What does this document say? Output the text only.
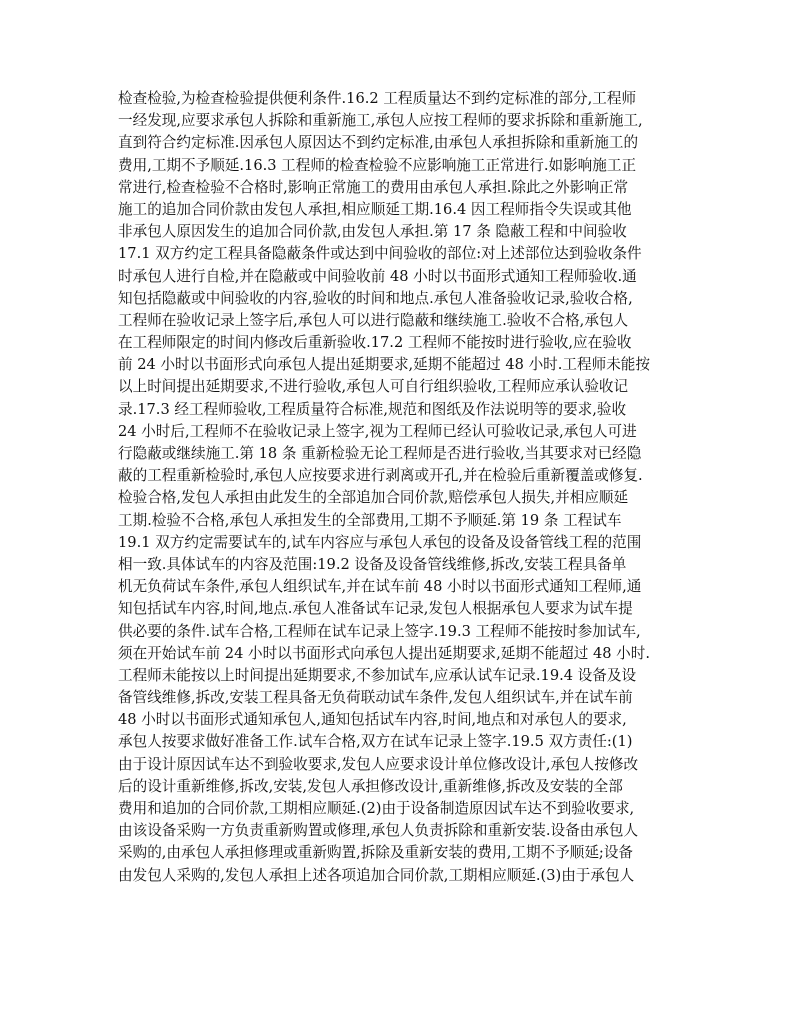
检查检验,为检查检验提供便利条件.16.2 工程质量达不到约定标准的部分,工程师
一经发现,应要求承包人拆除和重新施工,承包人应按工程师的要求拆除和重新施工,
直到符合约定标准.因承包人原因达不到约定标准,由承包人承担拆除和重新施工的
费用,工期不予顺延.16.3 工程师的检查检验不应影响施工正常进行.如影响施工正
常进行,检查检验不合格时,影响正常施工的费用由承包人承担.除此之外影响正常
施工的追加合同价款由发包人承担,相应顺延工期.16.4 因工程师指令失误或其他
非承包人原因发生的追加合同价款,由发包人承担.第 17 条 隐蔽工程和中间验收
17.1 双方约定工程具备隐蔽条件或达到中间验收的部位:对上述部位达到验收条件
时承包人进行自检,并在隐蔽或中间验收前 48 小时以书面形式通知工程师验收.通
知包括隐蔽或中间验收的内容,验收的时间和地点.承包人准备验收记录,验收合格,
工程师在验收记录上签字后,承包人可以进行隐蔽和继续施工.验收不合格,承包人
在工程师限定的时间内修改后重新验收.17.2 工程师不能按时进行验收,应在验收
前 24 小时以书面形式向承包人提出延期要求,延期不能超过 48 小时.工程师未能按
以上时间提出延期要求,不进行验收,承包人可自行组织验收,工程师应承认验收记
录.17.3 经工程师验收,工程质量符合标准,规范和图纸及作法说明等的要求,验收
24 小时后,工程师不在验收记录上签字,视为工程师已经认可验收记录,承包人可进
行隐蔽或继续施工.第 18 条 重新检验无论工程师是否进行验收,当其要求对已经隐
蔽的工程重新检验时,承包人应按要求进行剥离或开孔,并在检验后重新覆盖或修复.
检验合格,发包人承担由此发生的全部追加合同价款,赔偿承包人损失,并相应顺延
工期.检验不合格,承包人承担发生的全部费用,工期不予顺延.第 19 条 工程试车
19.1 双方约定需要试车的,试车内容应与承包人承包的设备及设备管线工程的范围
相一致.具体试车的内容及范围:19.2 设备及设备管线维修,拆改,安装工程具备单
机无负荷试车条件,承包人组织试车,并在试车前 48 小时以书面形式通知工程师,通
知包括试车内容,时间,地点.承包人准备试车记录,发包人根据承包人要求为试车提
供必要的条件.试车合格,工程师在试车记录上签字.19.3 工程师不能按时参加试车,
须在开始试车前 24 小时以书面形式向承包人提出延期要求,延期不能超过 48 小时.
工程师未能按以上时间提出延期要求,不参加试车,应承认试车记录.19.4 设备及设
备管线维修,拆改,安装工程具备无负荷联动试车条件,发包人组织试车,并在试车前
48 小时以书面形式通知承包人,通知包括试车内容,时间,地点和对承包人的要求,
承包人按要求做好准备工作.试车合格,双方在试车记录上签字.19.5 双方责任:(1)
由于设计原因试车达不到验收要求,发包人应要求设计单位修改设计,承包人按修改
后的设计重新维修,拆改,安装,发包人承担修改设计,重新维修,拆改及安装的全部
费用和追加的合同价款,工期相应顺延.(2)由于设备制造原因试车达不到验收要求,
由该设备采购一方负责重新购置或修理,承包人负责拆除和重新安装.设备由承包人
采购的,由承包人承担修理或重新购置,拆除及重新安装的费用,工期不予顺延;设备
由发包人采购的,发包人承担上述各项追加合同价款,工期相应顺延.(3)由于承包人
